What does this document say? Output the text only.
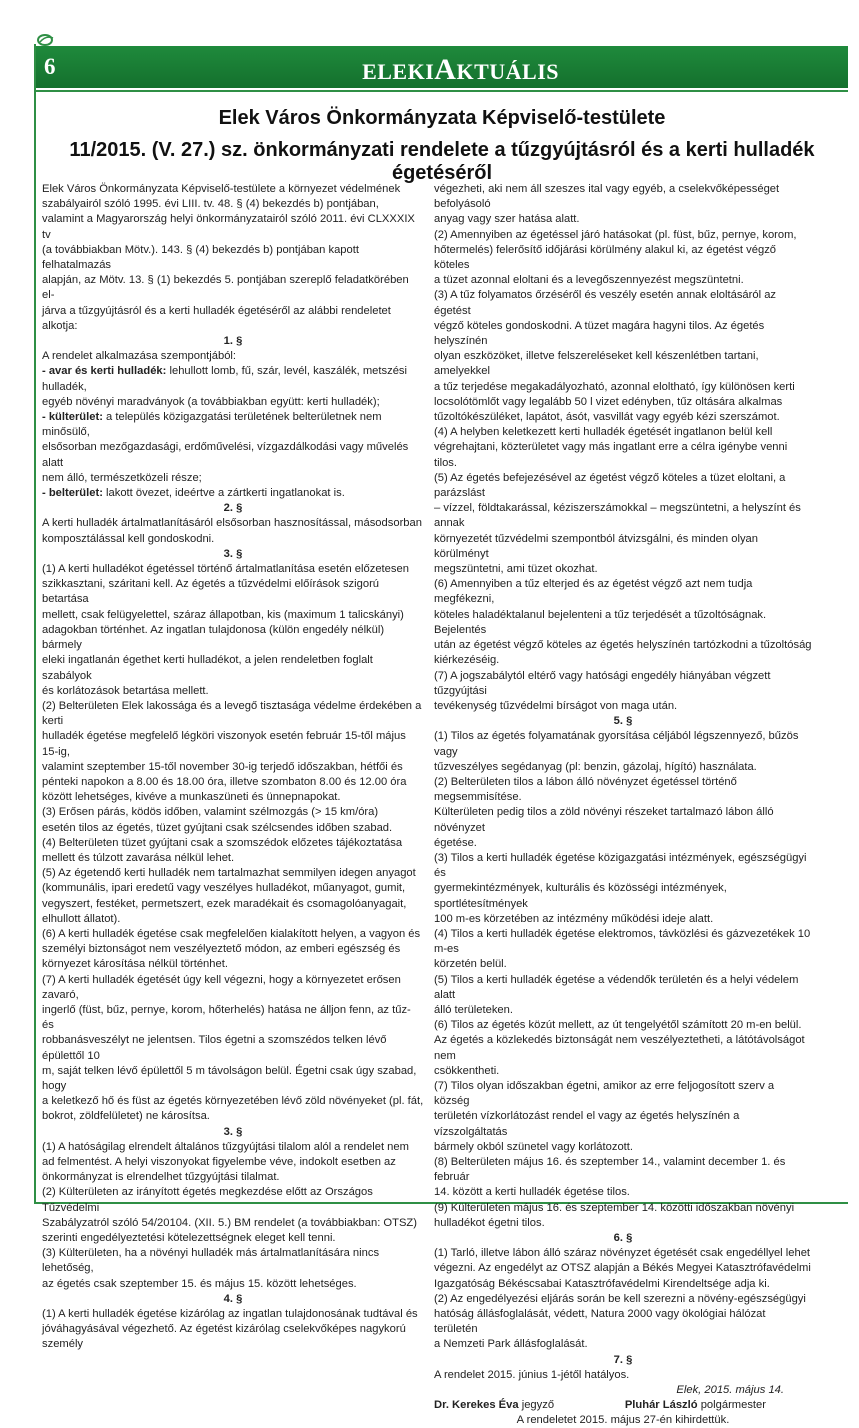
6	ELEKIAKTUÁLIS
Elek Város Önkormányzata Képviselő-testülete
11/2015. (V. 27.) sz. önkormányzati rendelete a tűzgyújtásról és a kerti hulladék égetéséről
Elek Város Önkormányzata Képviselő-testülete a környezet védelmének
szabályairól szóló 1995. évi LIII. tv. 48. § (4) bekezdés b) pontjában,
valamint a Magyarország helyi önkormányzatairól szóló 2011. évi CLXXXIX tv
(a továbbiakban Mötv.). 143. § (4) bekezdés b) pontjában kapott felhatalmazás
alapján, az Mötv. 13. § (1) bekezdés 5. pontjában szereplő feladatkörében el-
járva a tűzgyújtásról és a kerti hulladék égetéséről az alábbi rendeletet alkotja:

1. §

A rendelet alkalmazása szempontjából:

- avar és kerti hulladék: lehullott lomb, fű, szár, levél, kaszálék, metszési hulladék,
egyéb növényi maradványok (a továbbiakban együtt: kerti hulladék);
- külterület: a település közigazgatási területének belterületnek nem minősülő,
elsősorban mezőgazdasági, erdőművelési, vízgazdálkodási vagy művelés alatt
nem álló, természetközeli része;
- belterület: lakott övezet, ideértve a zártkerti ingatlanokat is.

2. §

A kerti hulladék ártalmatlanításáról elsősorban hasznosítással, másodsorban
komposztálással kell gondoskodni.

3. §

(1) A kerti hulladékot égetéssel történő ártalmatlanítása esetén előzetesen
szikkasztani, száritani kell. Az égetés a tűzvédelmi előírások szigorú betartása
mellett, csak felügyelettel, száraz állapotban, kis (maximum 1 talicskányi)
adagokban történhet. Az ingatlan tulajdonosa (külön engedély nélkül) bármely
eleki ingatlanán égethet kerti hulladékot, a jelen rendeletben foglalt szabályok
és korlátozások betartása mellett.
(2) Belterületen Elek lakossága és a levegő tisztasága védelme érdekében a kerti
hulladék égetése megfelelő légköri viszonyok esetén február 15-től május 15-ig,
valamint szeptember 15-től november 30-ig terjedő időszakban, hétfői és
pénteki napokon a 8.00 és 18.00 óra, illetve szombaton 8.00 és 12.00 óra
között lehetséges, kivéve a munkaszüneti és ünnepnapokat.
(3) Erősen párás, ködös időben, valamint szélmozgás (> 15 km/óra)
esetén tilos az égetés, tüzet gyújtani csak szélcsendes időben szabad.
(4) Belterületen tüzet gyújtani csak a szomszédok előzetes tájékoztatása
mellett és túlzott zavarása nélkül lehet.
(5) Az égetendő kerti hulladék nem tartalmazhat semmilyen idegen anyagot
(kommunális, ipari eredetű vagy veszélyes hulladékot, műanyagot, gumit,
vegyszert, festéket, permetszert, ezek maradékait és csomagolóanyagait,
elhullott állatot).
(6) A kerti hulladék égetése csak megfelelően kialakított helyen, a vagyon és
személyi biztonságot nem veszélyeztető módon, az emberi egészség és
környezet károsítása nélkül történhet.
(7) A kerti hulladék égetését úgy kell végezni, hogy a környezetet erősen zavaró,
ingerlő (füst, bűz, pernye, korom, hőterhelés) hatása ne álljon fenn, az tűz- és
robbanásveszélyt ne jelentsen. Tilos égetni a szomszédos telken lévő épülettől 10
m, saját telken lévő épülettől 5 m távolságon belül. Égetni csak úgy szabad, hogy
a keletkező hő és füst az égetés környezetében lévő zöld növényeket (pl. fát,
bokrot, zöldfelületet) ne károsítsa.

3. §

(1) A hatóságilag elrendelt általános tűzgyújtási tilalom alól a rendelet nem
ad felmentést. A helyi viszonyokat figyelembe véve, indokolt esetben az
önkormányzat is elrendelhet tűzgyújtási tilalmat.
(2) Külterületen az irányított égetés megkezdése előtt az Országos Tűzvédelmi
Szabályzatról szóló 54/20104. (XII. 5.) BM rendelet (a továbbiakban: OTSZ)
szerinti engedélyeztetési kötelezettségnek eleget kell tenni.
(3) Külterületen, ha a növényi hulladék más ártalmatlanítására nincs lehetőség,
az égetés csak szeptember 15. és május 15. között lehetséges.

4. §

(1) A kerti hulladék égetése kizárólag az ingatlan tulajdonosának tudtával és
jóváhagyásával végezhető. Az égetést kizárólag cselekvőképes nagykorú személy
végezheti, aki nem áll szeszes ital vagy egyéb, a cselekvőképességet befolyásoló
anyag vagy szer hatása alatt.
(2) Amennyiben az égetéssel járó hatásokat (pl. füst, bűz, pernye, korom,
hőtermelés) felerősítő időjárási körülmény alakul ki, az égetést végző köteles
a tüzet azonnal eloltani és a levegőszennyezést megszüntetni.
(3) A tűz folyamatos őrzéséről és veszély esetén annak eloltásáról az égetést
végző köteles gondoskodni. A tüzet magára hagyni tilos. Az égetés helyszínén
olyan eszközöket, illetve felszereléseket kell készenlétben tartani, amelyekkel
a tűz terjedése megakadályozható, azonnal eloltható, így különösen kerti
locsolótömlőt vagy legalább 50 l vizet edényben, tűz oltására alkalmas
tűzoltókészüléket, lapátot, ásót, vasvillát vagy egyéb kézi szerszámot.
(4) A helyben keletkezett kerti hulladék égetését ingatlanon belül kell
végrehajtani, közterületet vagy más ingatlant erre a célra igénybe venni tilos.
(5) Az égetés befejezésével az égetést végző köteles a tüzet eloltani, a parázslást
– vízzel, földtakarással, kéziszerszámokkal – megszüntetni, a helyszínt és annak
környezetét tűzvédelmi szempontból átvizsgálni, és minden olyan körülményt
megszüntetni, ami tüzet okozhat.
(6) Amennyiben a tűz elterjed és az égetést végző azt nem tudja megfékezni,
köteles haladéktalanul bejelenteni a tűz terjedését a tűzoltóságnak. Bejelentés
után az égetést végző köteles az égetés helyszínén tartózkodni a tűzoltóság
kiérkezéséig.
(7) A jogszabálytól eltérő vagy hatósági engedély hiányában végzett tűzgyújtási
tevékenység tűzvédelmi bírságot von maga után.

5. §

(1) Tilos az égetés folyamatának gyorsítása céljából légszennyező, bűzös vagy
tűzveszélyes segédanyag (pl: benzin, gázolaj, hígító) használata.
(2) Belterületen tilos a lábon álló növényzet égetéssel történő megsemmisítése.
Külterületen pedig tilos a zöld növényi részeket tartalmazó lábon álló növényzet
égetése.
(3) Tilos a kerti hulladék égetése közigazgatási intézmények, egészségügyi és
gyermekintézmények, kulturális és közösségi intézmények, sportlétesítmények
100 m-es körzetében az intézmény működési ideje alatt.
(4) Tilos a kerti hulladék égetése elektromos, távközlési és gázvezetékek 10 m-es
körzetén belül.
(5) Tilos a kerti hulladék égetése a védendők területén és a helyi védelem alatt
álló területeken.
(6) Tilos az égetés közút mellett, az út tengelyétől számított 20 m-en belül.
Az égetés a közlekedés biztonságát nem veszélyeztetheti, a látótávolságot nem
csökkentheti.
(7) Tilos olyan időszakban égetni, amikor az erre feljogosított szerv a község
területén vízkorlátozást rendel el vagy az égetés helyszínén a vízszolgáltatás
bármely okból szünetel vagy korlátozott.
(8) Belterületen május 16. és szeptember 14., valamint december 1. és február
14. között a kerti hulladék égetése tilos.
(9) Külterületen május 16. és szeptember 14. közötti időszakban növényi
hulladékot égetni tilos.

6. §

(1) Tarló, illetve lábon álló száraz növényzet égetését csak engedéllyel lehet
végezni. Az engedélyt az OTSZ alapján a Békés Megyei Katasztrófavédelmi
Igazgatóság Békéscsabai Katasztrófavédelmi Kirendeltsége adja ki.
(2) Az engedélyezési eljárás során be kell szerezni a növény-egészségügyi
hatóság állásfoglalását, védett, Natura 2000 vagy ökológiai hálózat területén
a Nemzeti Park állásfoglalását.

7. §

A rendelet 2015. június 1-jétől hatályos.

Elek, 2015. május 14.
Dr. Kerekes Éva jegyző	Pluhár László polgármester

A rendeletet 2015. május 27-én kihirdettük.
